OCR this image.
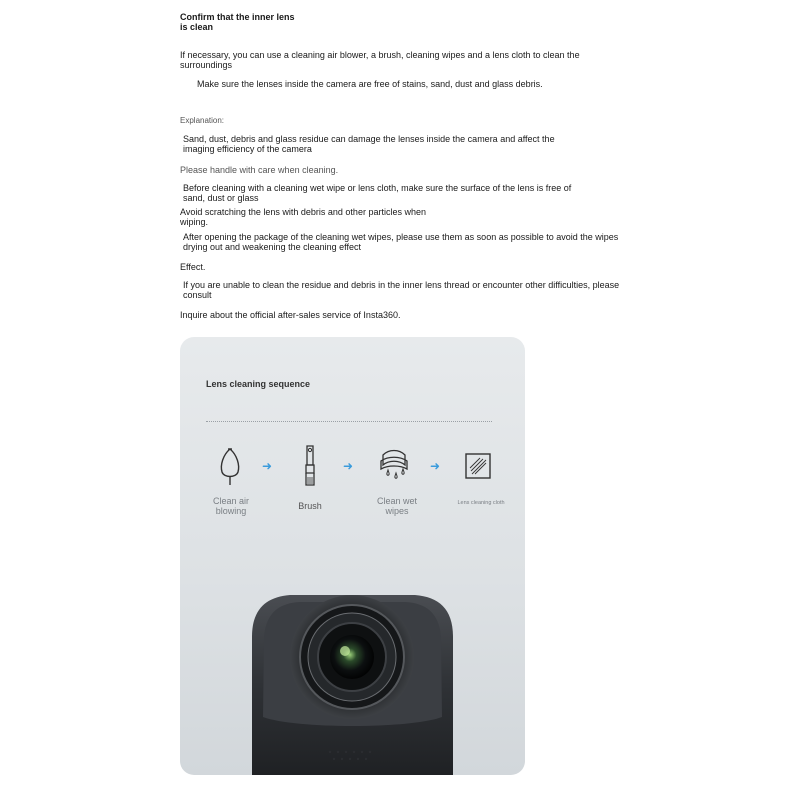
Confirm that the inner lens
is clean

If necessary, you can use a cleaning air blower, a brush, cleaning wipes and a lens cloth to clean the
surroundings

Make sure the lenses inside the camera are free of stains, sand, dust and glass debris.

Explanation:

Sand, dust, debris and glass residue can damage the lenses inside the camera and affect the
imaging efficiency of the camera

Please handle with care when cleaning.

Before cleaning with a cleaning wet wipe or lens cloth, make sure the surface of the lens is free of
sand, dust or glass

Avoid scratching the lens with debris and other particles when
wiping.

After opening the package of the cleaning wet wipes, please use them as soon as possible to avoid the wipes
drying out and weakening the cleaning effect

Effect.

If you are unable to clean the residue and debris in the inner lens thread or encounter other difficulties, please
consult

Inquire about the official after-sales service of Insta360.

Lens cleaning sequence
➜	➜	➜
Clean air blowing	Brush	Clean wet wipes
Lens cleaning cloth
